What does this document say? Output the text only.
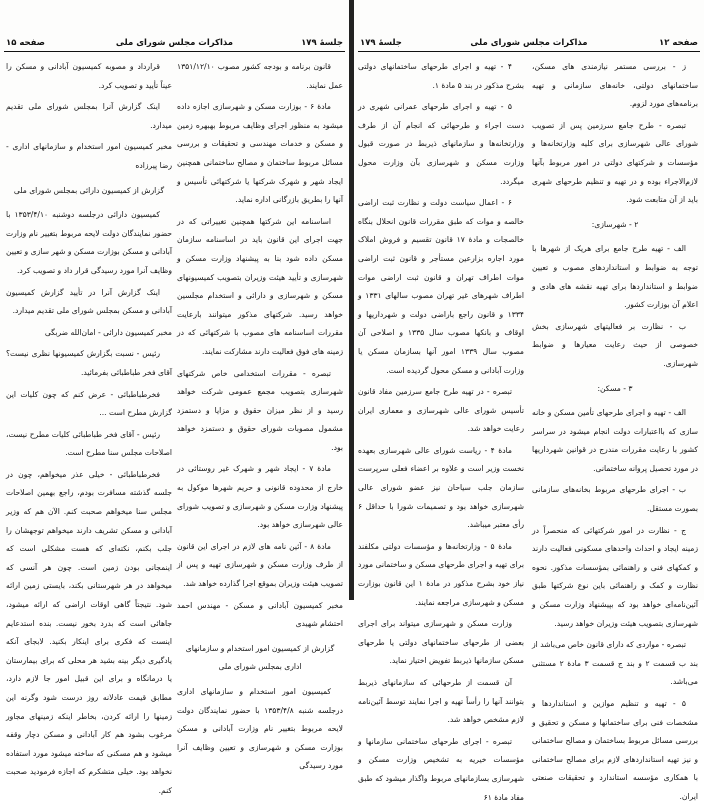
جلسهٔ ۱۷۹
مذاکرات مجلس شورای ملی
صفحه ۱۵

قانون برنامه و بودجه کشور مصوب ۱۳۵۱/۱۲/۱۰ عمل نمایند.

مادهٔ ۶ - بوزارت مسکن و شهرسازی اجازه داده میشود به منظور اجرای وظایف مربوط بهبهره زمین و مسکن و خدمات مهندسی و تحقیقات و بررسی مسائل مربوط ساختمان و مصالح ساختمانی همچنین ایجاد شهر و شهرک شرکتها یا شرکتهائی تأسیس و آنها را بطریق بازرگانی اداره نماید.

اساسنامه این شرکتها همچنین تغییراتی که در جهت اجرای این قانون باید در اساسنامه سازمان مسکن داده شود بنا به پیشنهاد وزارت مسکن و شهرسازی و تأیید هیئت وزیران بتصویب کمیسیونهای مسکن و شهرسازی و دارائی و استخدام مجلسین خواهد رسید. شرکتهای مذکور میتوانند بارعایت مقررات اساسنامه های مصوب با شرکتهائی که در زمینه های فوق فعالیت دارند مشارکت نمایند.

تبصره - مقررات استخدامی خاص شرکتهای شهرسازی بتصویب مجمع عمومی شرکت خواهد رسید و از نظر میزان حقوق و مزایا و دستمزد مشمول مصوبات شورای حقوق و دستمزد خواهد بود.

مادهٔ ۷ - ایجاد شهر و شهرک غیر روستائی در خارج از محدوده قانونی و حریم شهرها موکول به پیشنهاد وزارت مسکن و شهرسازی و تصویب شورای عالی شهرسازی خواهد بود.

مادهٔ ۸ - آئین نامه های لازم در اجرای این قانون از طرف وزارت مسکن و شهرسازی تهیه و پس از تصویب هیئت وزیران بموقع اجرا گذارده خواهد شد.

مخبر کمیسیون آبادانی و مسکن - مهندس احمد احتشام شهیدی

گزارش از کمیسیون امور استخدام و سازمانهای اداری بمجلس شورای ملی

کمیسیون امور استخدام و سازمانهای اداری درجلسه شنبه ۱۳۵۳/۴/۸ با حضور نمایندگان دولت لایحه مربوط بتغییر نام وزارت آبادانی و مسکن بوزارت مسکن و شهرسازی و تعیین وظایف آنرا مورد رسیدگی

قرارداد و مصوبه کمیسیون آبادانی و مسکن را عیناً تأیید و تصویب کرد.

اینک گزارش آنرا بمجلس شورای ملی تقدیم میدارد.

مخبر کمیسیون امور استخدام و سازمانهای اداری - رضا پیرزاده

گزارش از کمیسیون دارائی بمجلس شورای ملی

کمیسیون دارائی درجلسه دوشنبه ۱۳۵۳/۴/۱۰ با حضور نمایندگان دولت لایحه مربوط بتغییر نام وزارت آبادانی و مسکن بوزارت مسکن و شهر سازی و تعیین وظایف آنرا مورد رسیدگی قرار داد و تصویب کرد.

اینک گزارش آنرا در تأیید گزارش کمیسیون آبادانی و مسکن بمجلس شورای ملی تقدیم میدارد.

مخبر کمیسیون دارائی - امان‌الله ضربگی

رئیس - نسبت بگزارش کمیسیونها نظری نیست؟ آقای فخر طباطبائی بفرمائید.

فخرطباطبائی - عرض کنم که چون کلیات این گزارش مطرح است ...

رئیس - آقای فخر طباطبائی کلیات مطرح نیست، اصلاحات مجلس سنا مطرح است.

فخرطباطبائی - خیلی عذر میخواهم، چون در جلسه گذشته مسافرت بودم، راجع بهمین اصلاحات مجلس سنا میخواهم صحبت کنم. الآن هم که وزیر آبادانی و مسکن تشریف دارند میخواهم توجهشان را جلب بکنم، نکته‌ای که هست مشکلی است که اینمجانی بودن زمین است. چون هر آنسی که میخواهد در هر شهرستانی بکند، بایستی زمین ارائه شود. نتیجتاً گاهی اوقات اراضی که ارائه میشود، جاهائی است که بدرد بخور نیست. بنده استدعایم اینست که فکری برای اینکار بکنید. لابجای آنکه یادگیری دیگر بینه بشید هر محلی که برای بیمارستان یا درمانگاه و برای این قبیل امور جا لازم دارد، مطابق قیمت عادلانه روز درست شود وگرنه این زمینها را ارائه کردن، بخاطر اینکه زمینهای مجاور مرغوب بشود هم کار آبادانی و مسکن دچار وقفه میشود و هم مسکنی که ساخته میشود مورد استفاده نخواهد بود. خیلی متشکرم که اجازه فرمودید صحبت کنم.

صفحه ۱۲
مذاکرات مجلس شورای ملی
جلسهٔ ۱۷۹

ز - بررسی مستمر نیازمندی های مسکن، ساختمانهای دولتی، خانه‌های سازمانی و تهیه برنامه‌های مورد لزوم.

تبصره - طرح جامع سرزمین پس از تصویب شورای عالی شهرسازی برای کلیه وزارتخانه‌ها و مؤسسات و شرکتهای دولتی در امور مربوط بآنها لازم‌الاجراء بوده و در تهیه و تنظیم طرحهای شهری باید از آن متابعت شود.

۲ - شهرسازی:

الف - تهیه طرح جامع برای هریک از شهرها با توجه به ضوابط و استانداردهای مصوب و تعیین ضوابط و استانداردها برای تهیه نقشه های هادی و اعلام آن بوزارت کشور.

ب - نظارت بر فعالیتهای شهرسازی بخش خصوصی از حیث رعایت معیارها و ضوابط شهرسازی.

۳ - مسکن:

الف - تهیه و اجرای طرحهای تأمین مسکن و خانه سازی که بااعتبارات دولت انجام میشود در سراسر کشور با رعایت مقررات مندرج در قوانین شهرداریها در مورد تحصیل پروانه ساختمانی.

ب - اجرای طرحهای مربوط بخانه‌های سازمانی بصورت مستقل.

ج - نظارت در امور شرکتهائی که منحصراً در زمینه ایجاد و احداث واحدهای مسکونی فعالیت دارند و کمکهای فنی و راهنمائی بمؤسسات مذکور. نحوه نظارت و کمک و راهنمائی باین نوع شرکتها طبق آئین‌نامه‌ای خواهد بود که بپیشنهاد وزارت مسکن و شهرسازی بتصویب هیئت وزیران خواهد رسید.

تبصره - مواردی که دارای قانون خاص می‌باشد از بند ب قسمت ۲ و بند ج قسمت ۳ مادهٔ ۲ مستثنی می‌باشد.

۵ - تهیه و تنظیم موازین و استانداردها و مشخصات فنی برای ساختمانها و مسکن و تحقیق و بررسی مسائل مربوط بساختمان و مصالح ساختمانی و نیز تهیه استانداردهای لازم برای مصالح ساختمانی با همکاری مؤسسه استاندارد و تحقیقات صنعتی ایران.

۴ - تهیه و اجرای طرحهای ساختمانهای دولتی بشرح مذکور در بند ۵ مادهٔ ۱.

۵ - تهیه و اجرای طرحهای عمرانی شهری در دست اجراء و طرحهائی که انجام آن از طرف وزارتخانه‌ها و سازمانهای ذیربط در صورت قبول وزارت مسکن و شهرسازی بآن وزارت محول میگردد.

۶ - اعمال سیاست دولت و نظارت ثبت اراضی خالصه و موات که طبق مقررات قانون انحلال بنگاه خالصجات و مادهٔ ۱۷ قانون تقسیم و فروش املاک مورد اجاره بزارعین مستأجر و قانون ثبت اراضی موات اطراف تهران و قانون ثبت اراضی موات اطراف شهرهای غیر تهران مصوب سالهای ۱۳۳۱ و ۱۳۳۴ و قانون راجع باراضی دولت و شهرداریها و اوقاف و بانکها مصوب سال ۱۳۳۵ و اصلاحی آن مصوب سال ۱۳۳۹ امور آنها بسازمان مسکن یا وزارت آبادانی و مسکن محول گردیده است.

تبصره - در تهیه طرح جامع سرزمین مفاد قانون تأسیس شورای عالی شهرسازی و معماری ایران رعایت خواهد شد.

مادهٔ ۴ - ریاست شورای عالی شهرسازی بعهده نخست وزیر است و علاوه بر اعضاء فعلی سرپرست سازمان جلب سیاحان نیز عضو شورای عالی شهرسازی خواهد بود و تصمیمات شورا با حداقل ۶ رأی معتبر میباشد.

مادهٔ ۵ - وزارتخانه‌ها و مؤسسات دولتی مکلفند برای تهیه و اجرای طرحهای مسکن و ساختمانی مورد نیاز خود بشرح مذکور در مادهٔ ۱ این قانون بوزارت مسکن و شهرسازی مراجعه نمایند.

وزارت مسکن و شهرسازی میتواند برای اجرای بعضی از طرحهای ساختمانهای دولتی یا طرحهای مسکن سازمانها ذیربط تفویض اختیار نماید.

آن قسمت از طرحهائی که سازمانهای ذیربط بتوانند آنها را رأساً تهیه و اجرا نمایند توسط آئین‌نامه لازم مشخص خواهد شد.

تبصره - اجرای طرحهای ساختمانی سازمانها و مؤسسات خیریه به تشخیص وزارت مسکن و شهرسازی بسازمانهای مربوط واگذار میشود که طبق مفاد مادهٔ ۶۱
